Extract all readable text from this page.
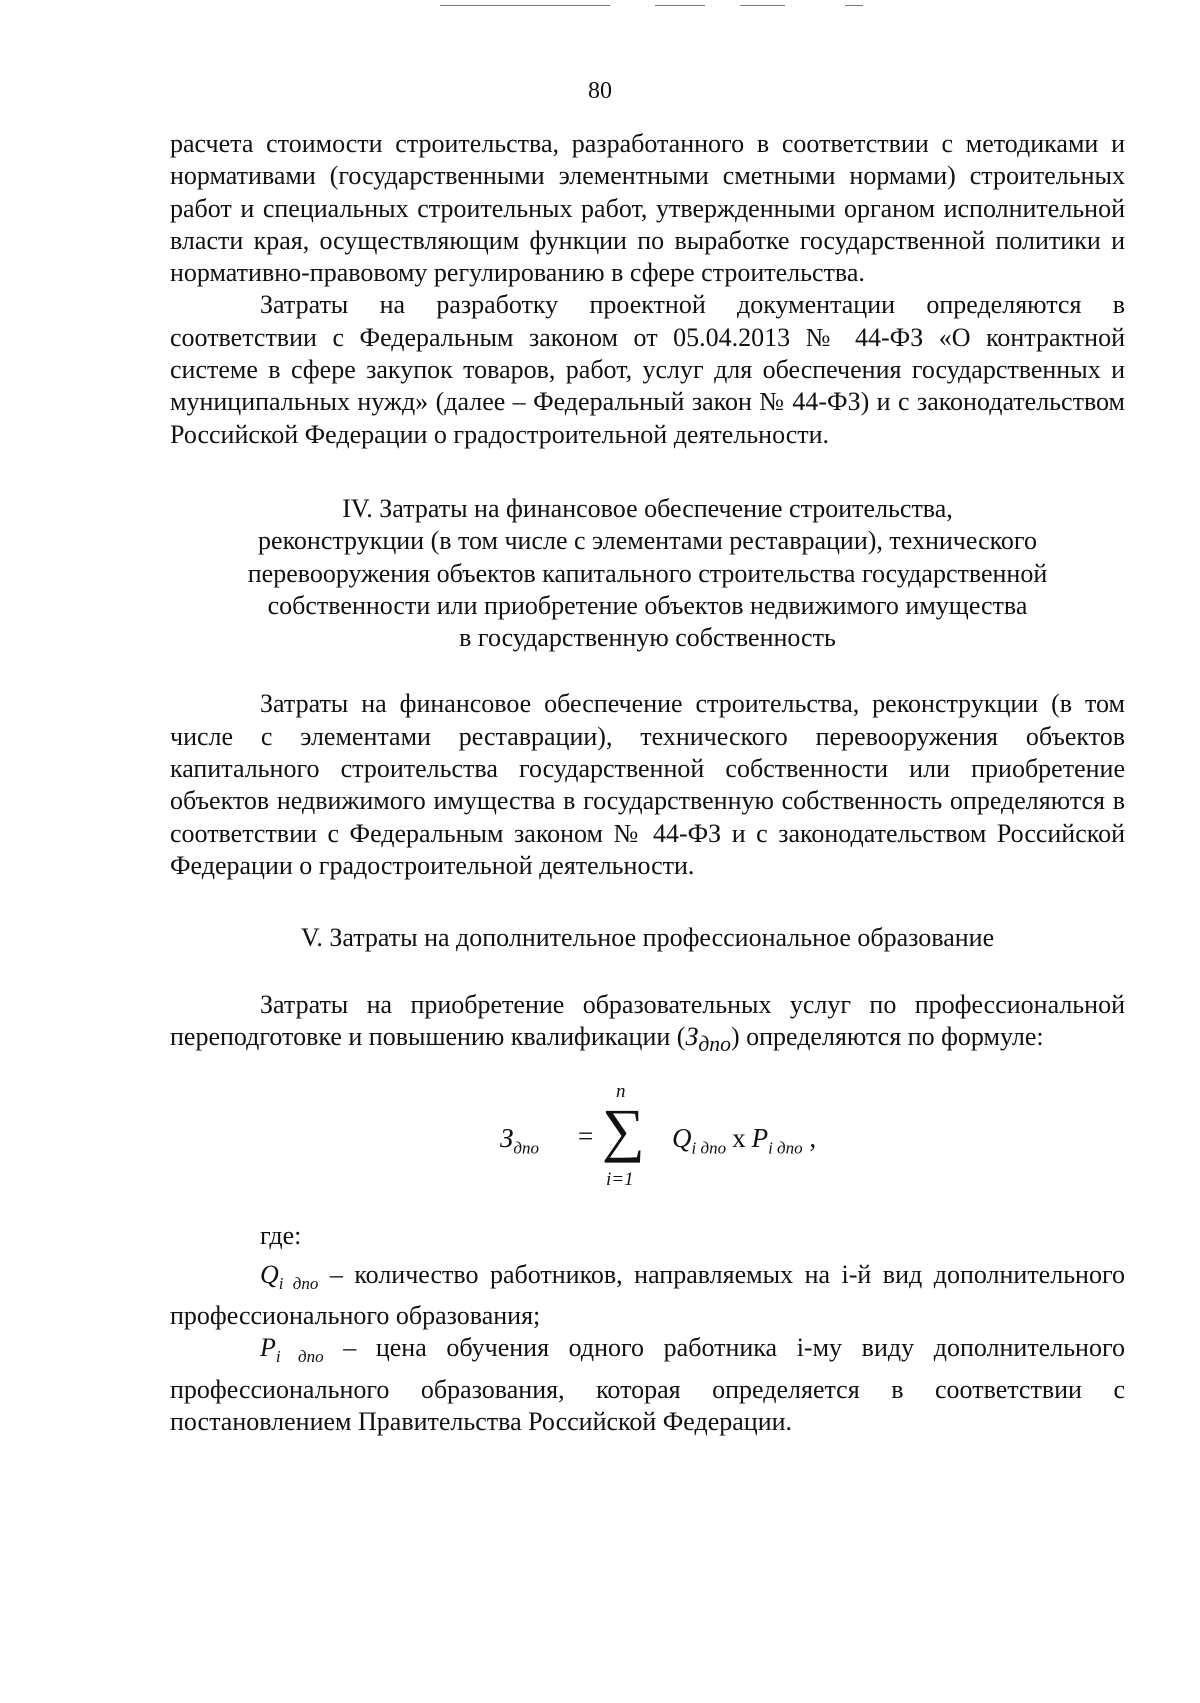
80

расчета стоимости строительства, разработанного в соответствии с методиками и нормативами (государственными элементными сметными нормами) строительных работ и специальных строительных работ, утвержденными органом исполнительной власти края, осуществляющим функции по выработке государственной политики и нормативно-правовому регулированию в сфере строительства.

Затраты на разработку проектной документации определяются в соответствии с Федеральным законом от 05.04.2013 № 44-ФЗ «О контрактной системе в сфере закупок товаров, работ, услуг для обеспечения государственных и муниципальных нужд» (далее – Федеральный закон № 44-ФЗ) и с законодательством Российской Федерации о градостроительной деятельности.

IV. Затраты на финансовое обеспечение строительства,
реконструкции (в том числе с элементами реставрации), технического
перевооружения объектов капитального строительства государственной
собственности или приобретение объектов недвижимого имущества
в государственную собственность

Затраты на финансовое обеспечение строительства, реконструкции (в том числе с элементами реставрации), технического перевооружения объектов капитального строительства государственной собственности или приобретение объектов недвижимого имущества в государственную собственность определяются в соответствии с Федеральным законом № 44-ФЗ и с законодательством Российской Федерации о градостроительной деятельности.

V. Затраты на дополнительное профессиональное образование

Затраты на приобретение образовательных услуг по профессиональной переподготовке и повышению квалификации $(З_{дпо})$ определяются по формуле:

$З_{дпо}$ =
n
∑
i=1
$Q_{i дпо}$ x $P_{i дпо}$ ,

где:

$Q_{i дпо}$ – количество работников, направляемых на i-й вид дополнительного профессионального образования;

$P_{i дпо}$ – цена обучения одного работника i-му виду дополнительного профессионального образования, которая определяется в соответствии с постановлением Правительства Российской Федерации.
